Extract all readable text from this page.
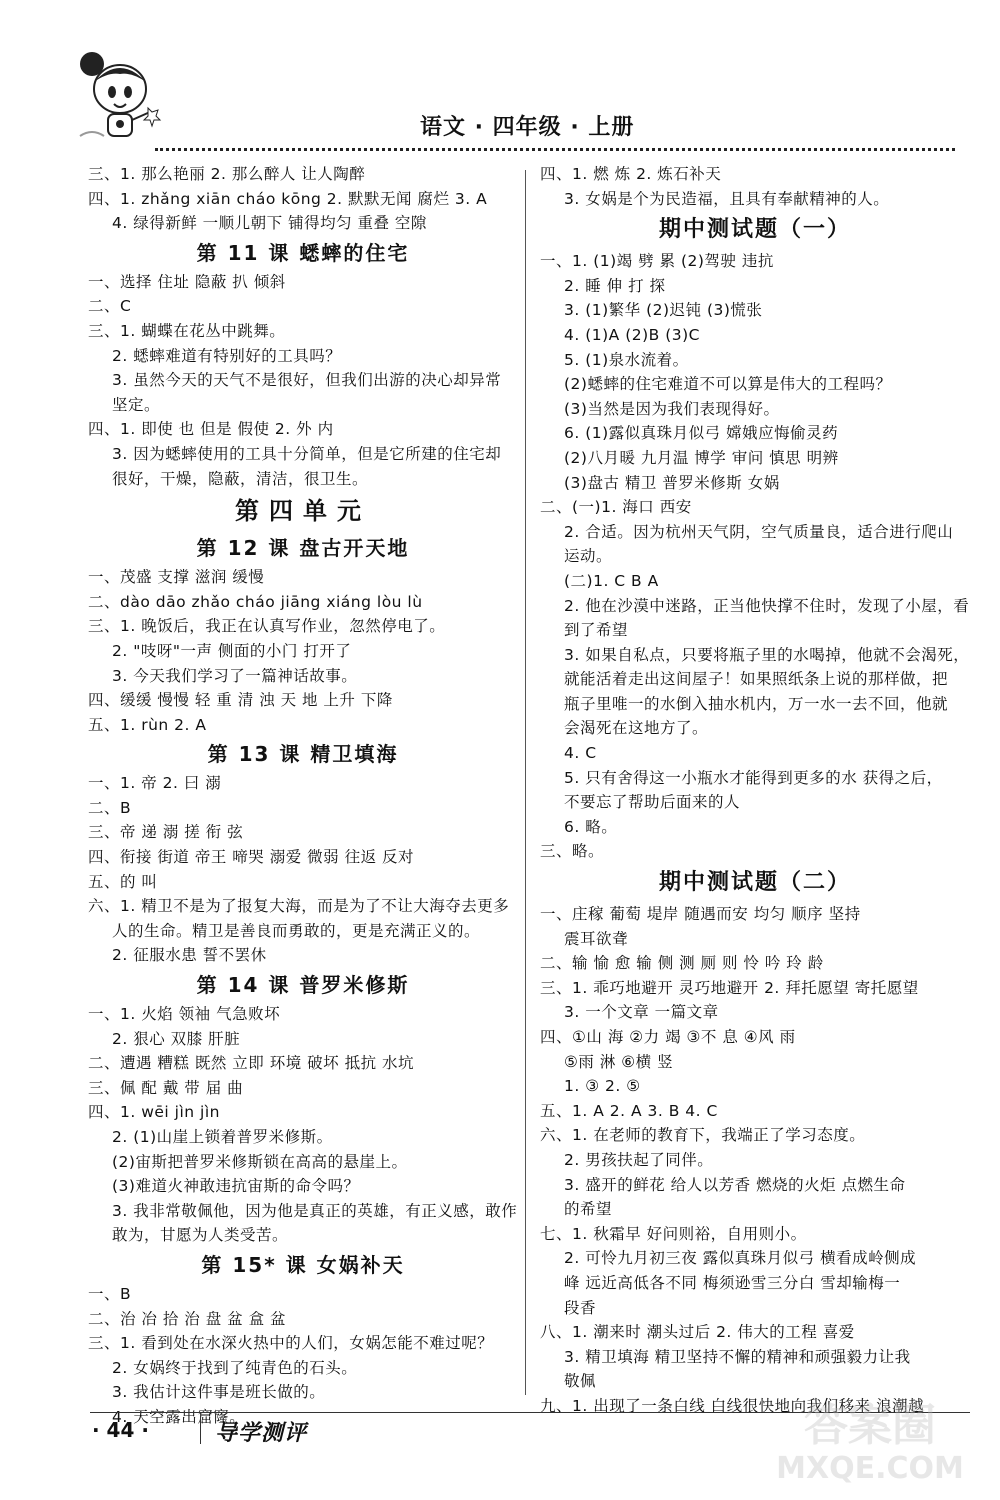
语文 · 四年级 · 上册
三、1. 那么艳丽 2. 那么醉人 让人陶醉
四、1. zhǎng xiān cháo kōng 2. 默默无闻 腐烂 3. A
4. 绿得新鲜 一顺儿朝下 铺得均匀 重叠 空隙
第 11 课 蟋蟀的住宅
一、选择 住址 隐蔽 扒 倾斜
二、C
三、1. 蝴蝶在花丛中跳舞。
2. 蟋蟀难道有特别好的工具吗？
3. 虽然今天的天气不是很好，但我们出游的决心却异常
坚定。
四、1. 即使 也 但是 假使 2. 外 内
3. 因为蟋蟀使用的工具十分简单，但是它所建的住宅却
很好，干燥，隐蔽，清洁，很卫生。
第四单元
第 12 课 盘古开天地
一、茂盛 支撑 滋润 缓慢
二、dào dāo zhǎo cháo jiāng xiáng lòu lù
三、1. 晚饭后，我正在认真写作业，忽然停电了。
2. "吱呀"一声 侧面的小门 打开了
3. 今天我们学习了一篇神话故事。
四、缓缓 慢慢 轻 重 清 浊 天 地 上升 下降
五、1. rùn 2. A
第 13 课 精卫填海
一、1. 帝 2. 曰 溺
二、B
三、帝 递 溺 搓 衔 弦
四、衔接 街道 帝王 啼哭 溺爱 微弱 往返 反对
五、的 叫
六、1. 精卫不是为了报复大海，而是为了不让大海夺去更多
人的生命。精卫是善良而勇敢的，更是充满正义的。
2. 征服水患 誓不罢休
第 14 课 普罗米修斯
一、1. 火焰 领袖 气急败坏
2. 狠心 双膝 肝脏
二、遭遇 糟糕 既然 立即 环境 破坏 抵抗 水坑
三、佩 配 戴 带 届 曲
四、1. wēi jìn jìn
2. (1)山崖上锁着普罗米修斯。
(2)宙斯把普罗米修斯锁在高高的悬崖上。
(3)难道火神敢违抗宙斯的命令吗？
3. 我非常敬佩他，因为他是真正的英雄，有正义感，敢作
敢为，甘愿为人类受苦。
第 15* 课 女娲补天
一、B
二、治 冶 拾 治 盘 盆 盒 盆
三、1. 看到处在水深火热中的人们，女娲怎能不难过呢？
2. 女娲终于找到了纯青色的石头。
3. 我估计这件事是班长做的。
4. 天空露出窟窿。
四、1. 燃 炼 2. 炼石补天
3. 女娲是个为民造福，且具有奉献精神的人。
期中测试题（一）
一、1. (1)竭 劈 累 (2)驾驶 违抗
2. 睡 伸 打 探
3. (1)繁华 (2)迟钝 (3)慌张
4. (1)A (2)B (3)C
5. (1)泉水流着。
(2)蟋蟀的住宅难道不可以算是伟大的工程吗？
(3)当然是因为我们表现得好。
6. (1)露似真珠月似弓 嫦娥应悔偷灵药
(2)八月暖 九月温 博学 审问 慎思 明辨
(3)盘古 精卫 普罗米修斯 女娲
二、(一)1. 海口 西安
2. 合适。因为杭州天气阴，空气质量良，适合进行爬山
运动。
(二)1. C B A
2. 他在沙漠中迷路，正当他快撑不住时，发现了小屋，看
到了希望
3. 如果自私点，只要将瓶子里的水喝掉，他就不会渴死，
就能活着走出这间屋子！如果照纸条上说的那样做，把
瓶子里唯一的水倒入抽水机内，万一水一去不回，他就
会渴死在这地方了。
4. C
5. 只有舍得这一小瓶水才能得到更多的水 获得之后，
不要忘了帮助后面来的人
6. 略。
三、略。
期中测试题（二）
一、庄稼 葡萄 堤岸 随遇而安 均匀 顺序 坚持
震耳欲聋
二、输 愉 愈 输 侧 测 厕 则 怜 吟 玲 龄
三、1. 乖巧地避开 灵巧地避开 2. 拜托愿望 寄托愿望
3. 一个文章 一篇文章
四、①山 海 ②力 竭 ③不 息 ④风 雨
⑤雨 淋 ⑥横 竖
1. ③ 2. ⑤
五、1. A 2. A 3. B 4. C
六、1. 在老师的教育下，我端正了学习态度。
2. 男孩扶起了同伴。
3. 盛开的鲜花 给人以芳香 燃烧的火炬 点燃生命
的希望
七、1. 秋霜早 好问则裕，自用则小。
2. 可怜九月初三夜 露似真珠月似弓 横看成岭侧成
峰 远近高低各不同 梅须逊雪三分白 雪却输梅一
段香
八、1. 潮来时 潮头过后 2. 伟大的工程 喜爱
3. 精卫填海 精卫坚持不懈的精神和顽强毅力让我
敬佩
九、1. 出现了一条白线 白线很快地向我们移来 浪潮越
· 44 ·	导学测评	答案圈
MXQE.COM
